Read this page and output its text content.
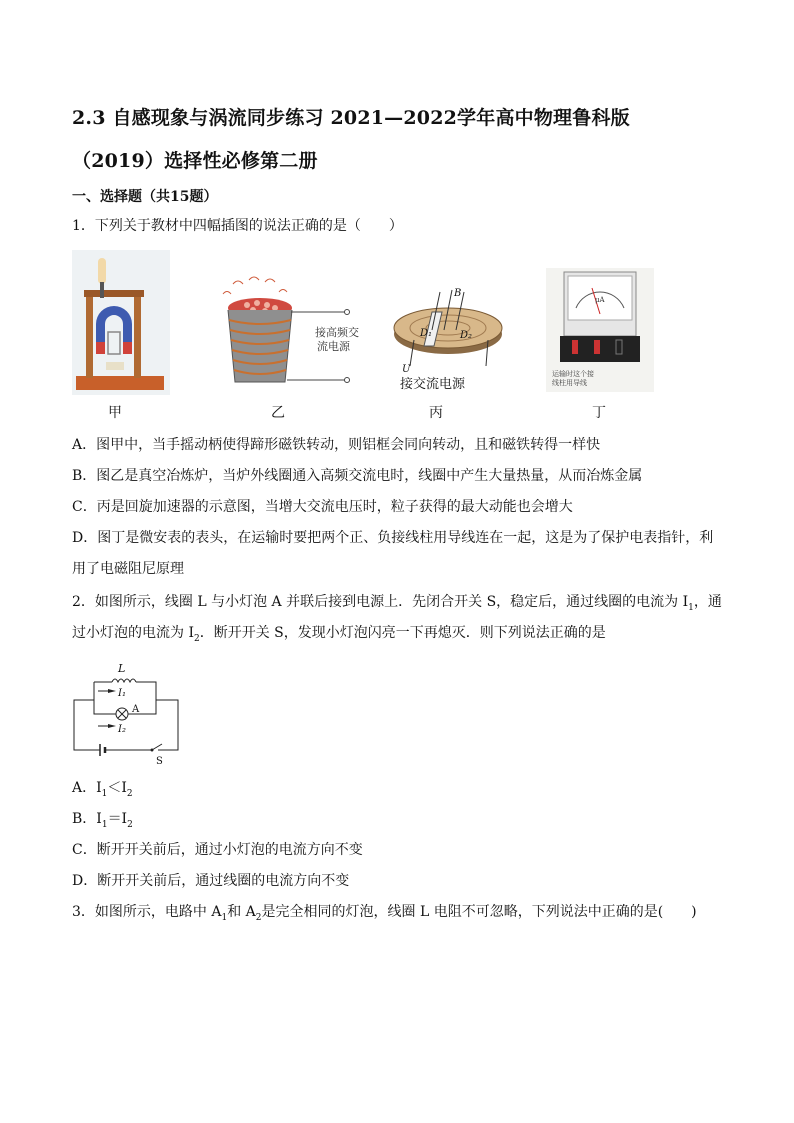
2.3 自感现象与涡流同步练习 2021—2022学年高中物理鲁科版
（2019）选择性必修第二册
一、选择题（共15题）
1．下列关于教材中四幅插图的说法正确的是（　　）
接高频交
流电源
B
D₁	D₂
U
接交流电源
μA
运输时这个接
线柱用导线
甲	乙	丙	丁
A．图甲中，当手摇动柄使得蹄形磁铁转动，则铝框会同向转动，且和磁铁转得一样快
B．图乙是真空冶炼炉，当炉外线圈通入高频交流电时，线圈中产生大量热量，从而冶炼金属
C．丙是回旋加速器的示意图，当增大交流电压时，粒子获得的最大动能也会增大
D．图丁是微安表的表头，在运输时要把两个正、负接线柱用导线连在一起，这是为了保护电表指针，利
用了电磁阻尼原理
2．如图所示，线圈 L 与小灯泡 A 并联后接到电源上．先闭合开关 S，稳定后，通过线圈的电流为 $I_1$，通
过小灯泡的电流为 $I_2$．断开开关 S，发现小灯泡闪亮一下再熄灭．则下列说法正确的是
L
I₁
A
I₂
S
A．$I_1<I_2$
B．$I_1=I_2$
C．断开开关前后，通过小灯泡的电流方向不变
D．断开开关前后，通过线圈的电流方向不变
3．如图所示，电路中 $A_1$和 $A_2$是完全相同的灯泡，线圈 L 电阻不可忽略，下列说法中正确的是(　　)
